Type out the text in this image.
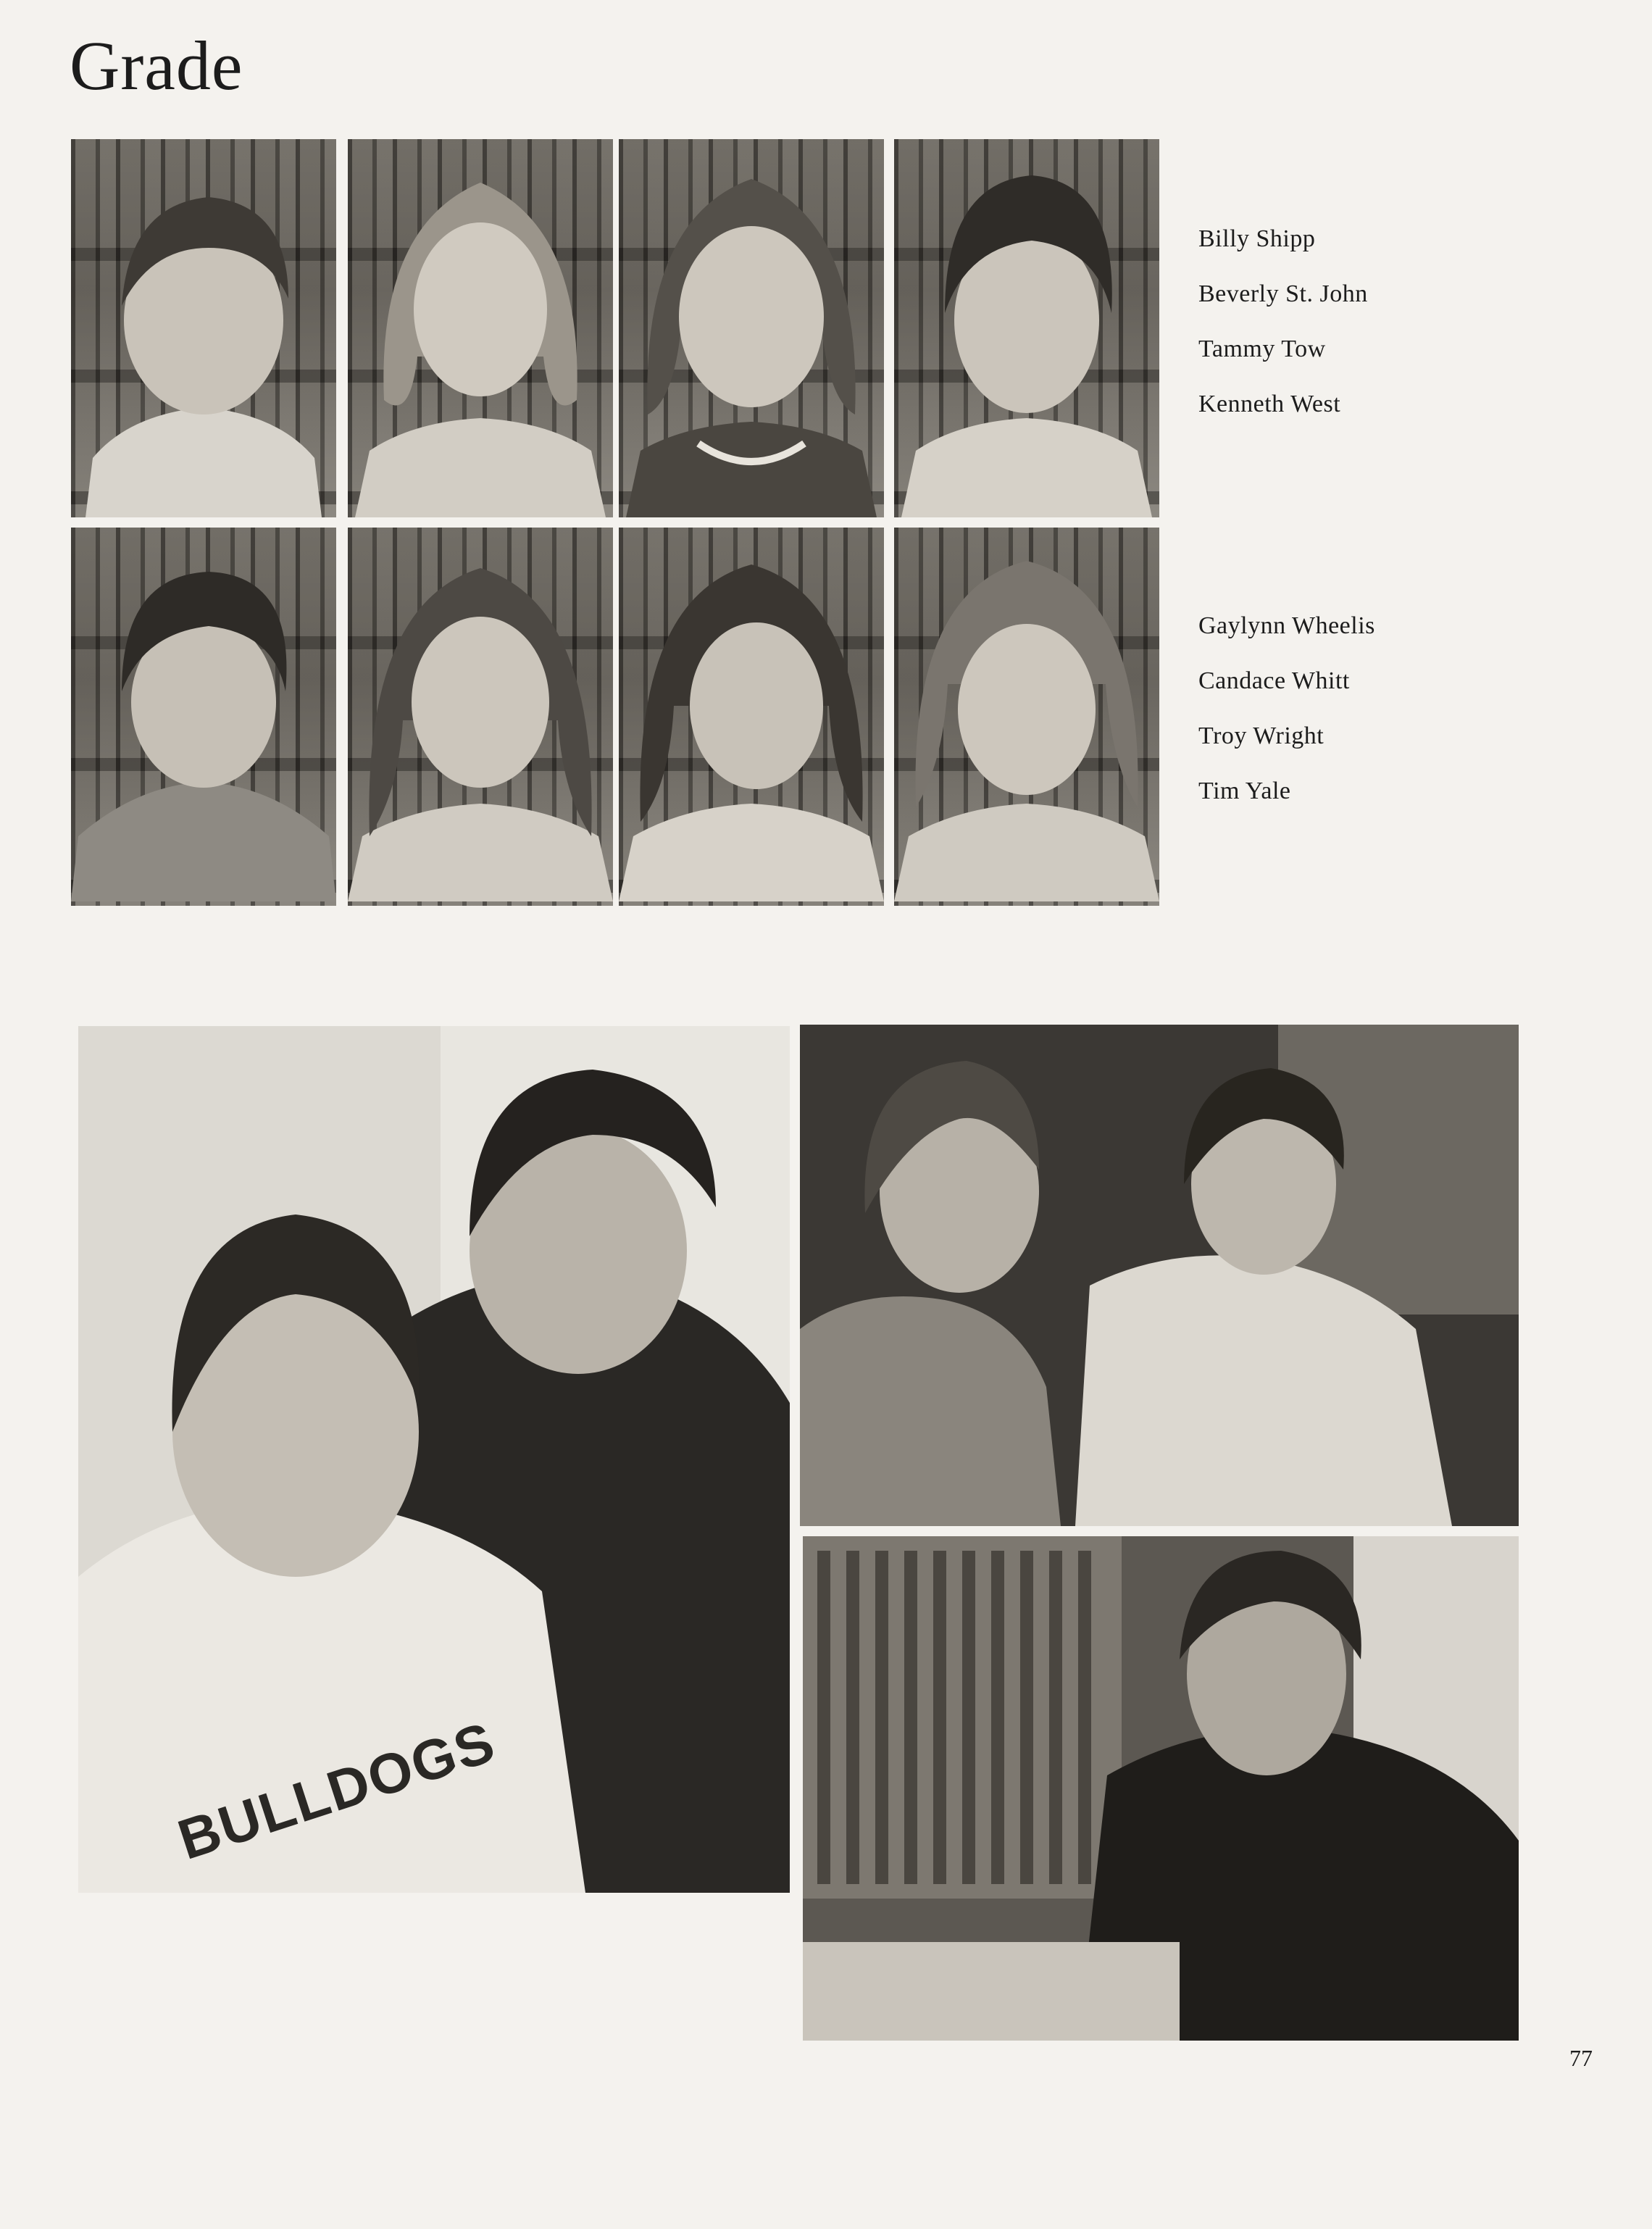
Grade
Billy Shipp
Beverly St. John
Tammy Tow
Kenneth West
Gaylynn Wheelis
Candace Whitt
Troy Wright
Tim Yale
BULLDOGS
77
